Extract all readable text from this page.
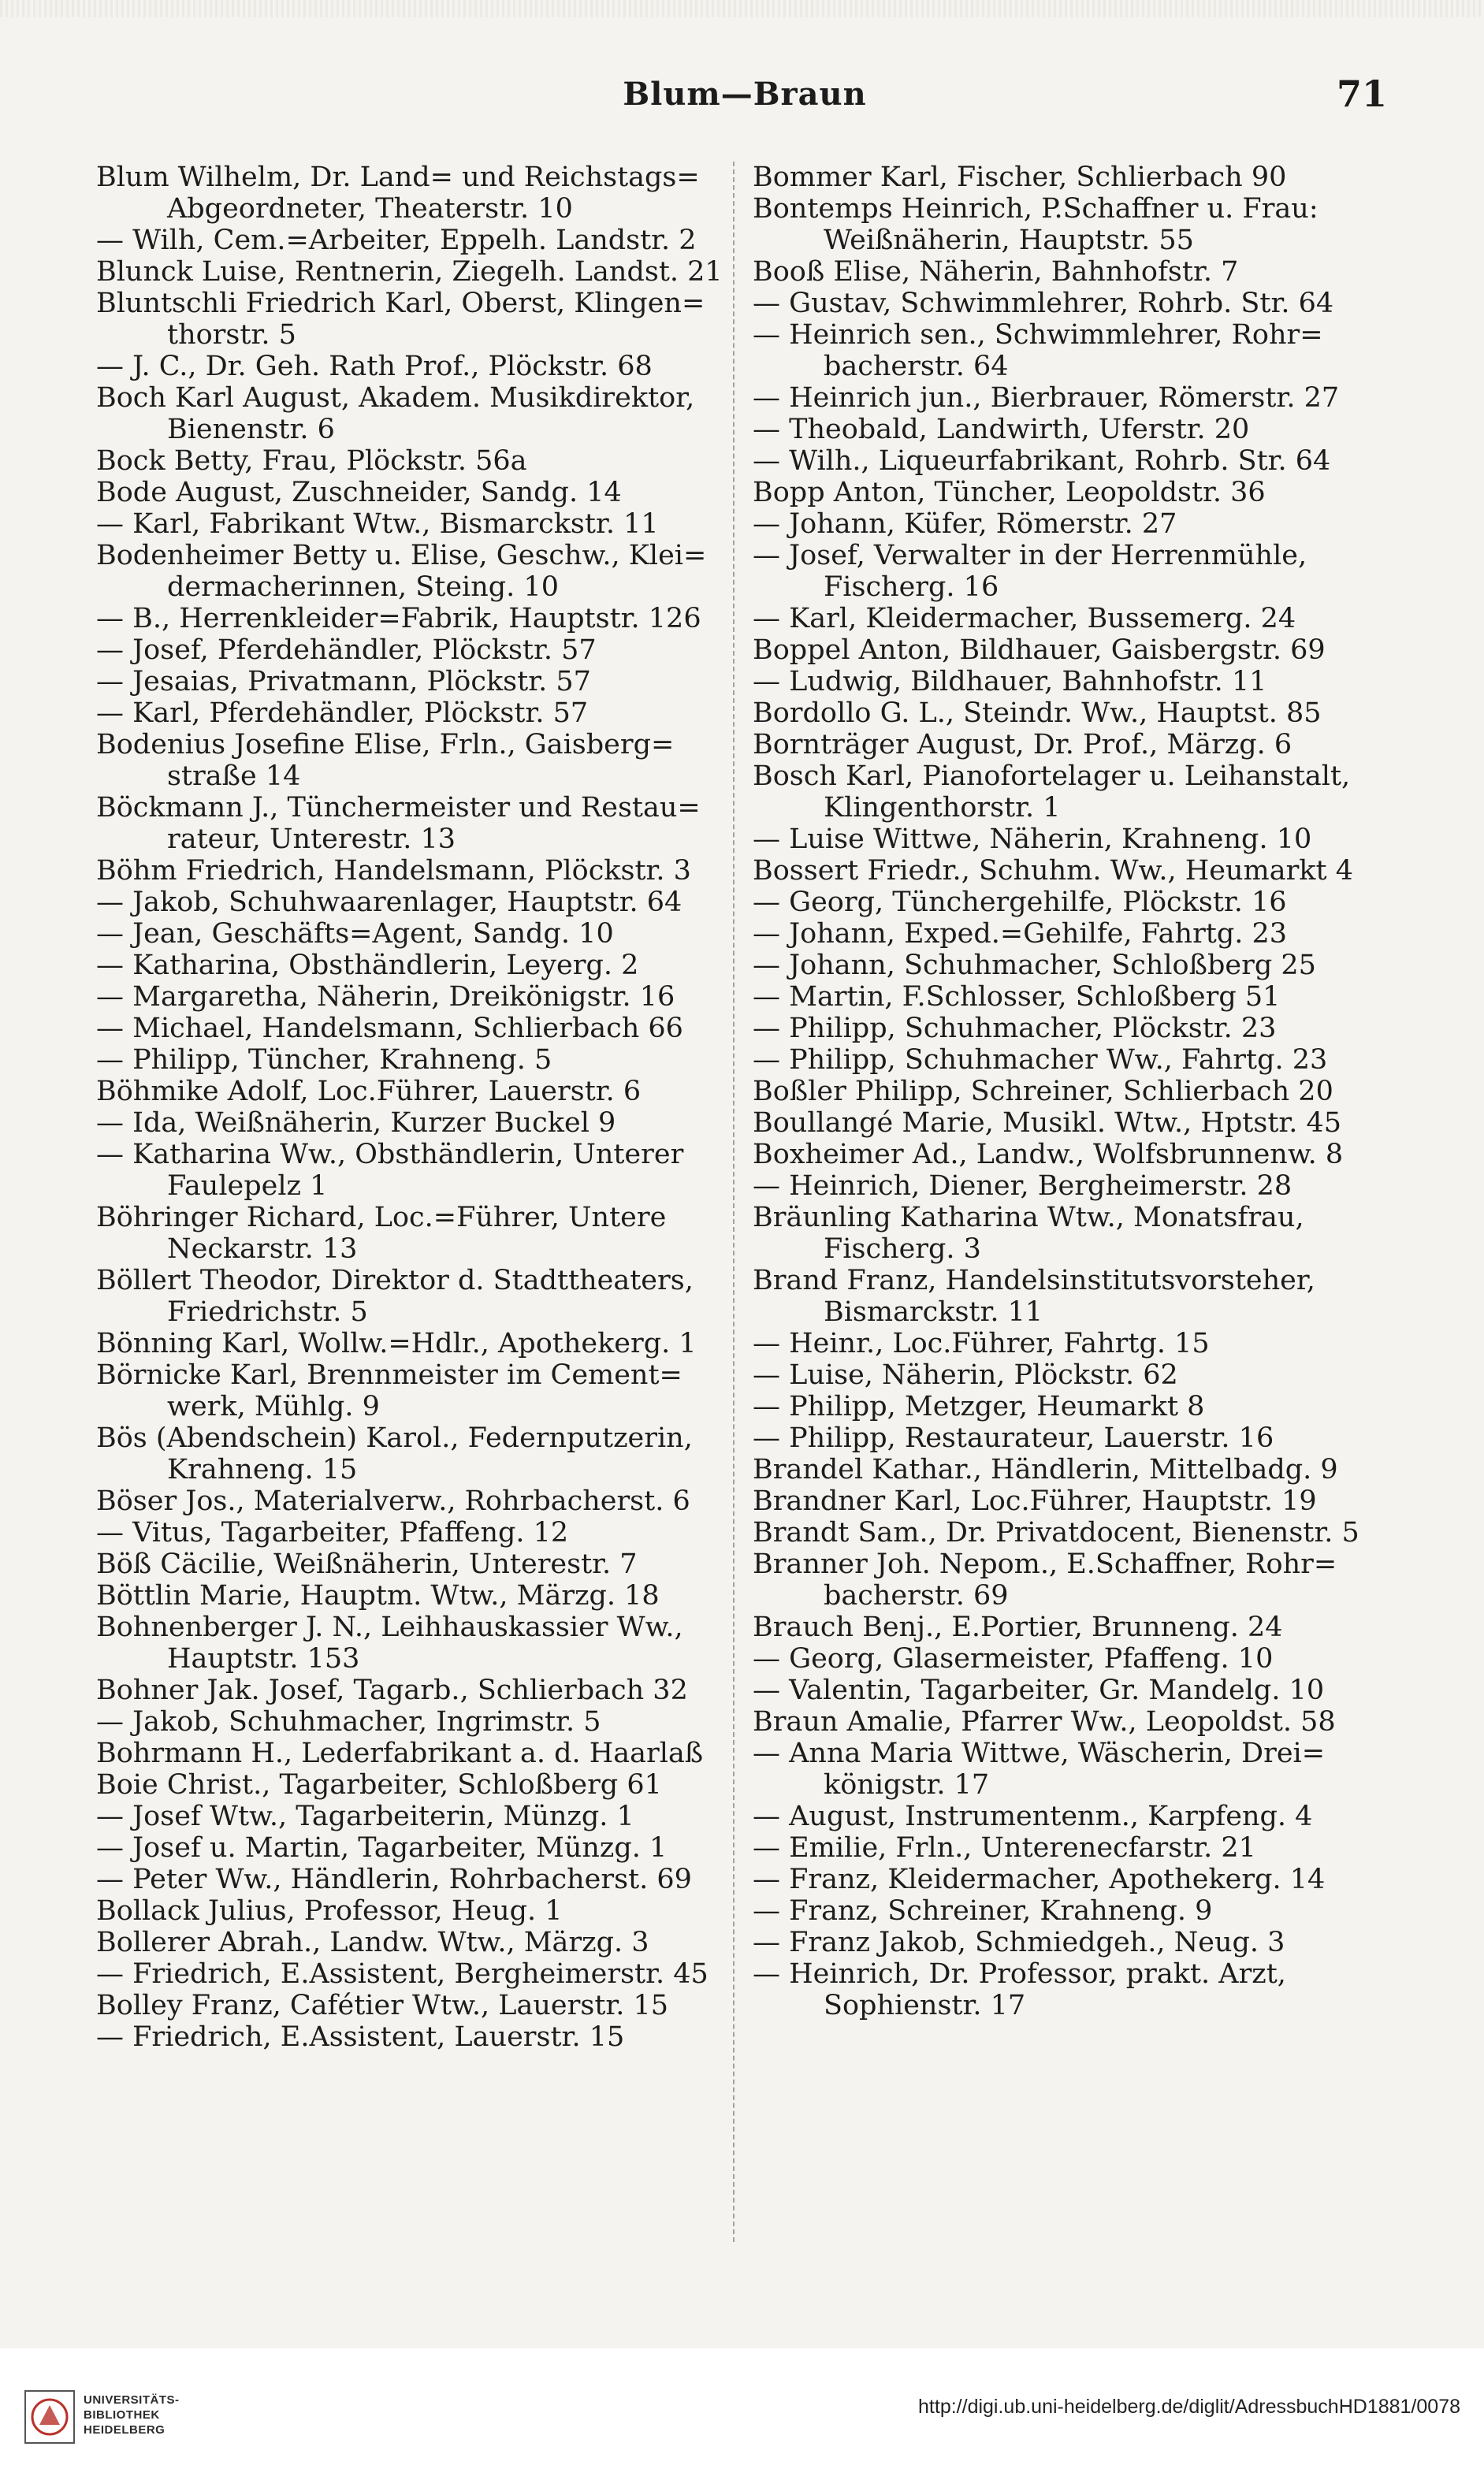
Blum—Braun	71

Blum Wilhelm, Dr. Land= und Reichstags=
Abgeordneter, Theaterstr. 10

— Wilh, Cem.=Arbeiter, Eppelh. Landstr. 2

Blunck Luise, Rentnerin, Ziegelh. Landst. 21

Bluntschli Friedrich Karl, Oberst, Klingen=
thorstr. 5

— J. C., Dr. Geh. Rath Prof., Plöckstr. 68

Boch Karl August, Akadem. Musikdirektor,
Bienenstr. 6

Bock Betty, Frau, Plöckstr. 56a

Bode August, Zuschneider, Sandg. 14

— Karl, Fabrikant Wtw., Bismarckstr. 11

Bodenheimer Betty u. Elise, Geschw., Klei=
dermacherinnen, Steing. 10

— B., Herrenkleider=Fabrik, Hauptstr. 126

— Josef, Pferdehändler, Plöckstr. 57

— Jesaias, Privatmann, Plöckstr. 57

— Karl, Pferdehändler, Plöckstr. 57

Bodenius Josefine Elise, Frln., Gaisberg=
straße 14

Böckmann J., Tünchermeister und Restau=
rateur, Unterestr. 13

Böhm Friedrich, Handelsmann, Plöckstr. 3

— Jakob, Schuhwaarenlager, Hauptstr. 64

— Jean, Geschäfts=Agent, Sandg. 10

— Katharina, Obsthändlerin, Leyerg. 2

— Margaretha, Näherin, Dreikönigstr. 16

— Michael, Handelsmann, Schlierbach 66

— Philipp, Tüncher, Krahneng. 5

Böhmike Adolf, Loc.Führer, Lauerstr. 6

— Ida, Weißnäherin, Kurzer Buckel 9

— Katharina Ww., Obsthändlerin, Unterer
Faulepelz 1

Böhringer Richard, Loc.=Führer, Untere
Neckarstr. 13

Böllert Theodor, Direktor d. Stadttheaters,
Friedrichstr. 5

Bönning Karl, Wollw.=Hdlr., Apothekerg. 1

Börnicke Karl, Brennmeister im Cement=
werk, Mühlg. 9

Bös (Abendschein) Karol., Federnputzerin,
Krahneng. 15

Böser Jos., Materialverw., Rohrbacherst. 6

— Vitus, Tagarbeiter, Pfaffeng. 12

Böß Cäcilie, Weißnäherin, Unterestr. 7

Böttlin Marie, Hauptm. Wtw., Märzg. 18

Bohnenberger J. N., Leihhauskassier Ww.,
Hauptstr. 153

Bohner Jak. Josef, Tagarb., Schlierbach 32

— Jakob, Schuhmacher, Ingrimstr. 5

Bohrmann H., Lederfabrikant a. d. Haarlaß

Boie Christ., Tagarbeiter, Schloßberg 61

— Josef Wtw., Tagarbeiterin, Münzg. 1

— Josef u. Martin, Tagarbeiter, Münzg. 1

— Peter Ww., Händlerin, Rohrbacherst. 69

Bollack Julius, Professor, Heug. 1

Bollerer Abrah., Landw. Wtw., Märzg. 3

— Friedrich, E.Assistent, Bergheimerstr. 45

Bolley Franz, Cafétier Wtw., Lauerstr. 15

— Friedrich, E.Assistent, Lauerstr. 15

Bommer Karl, Fischer, Schlierbach 90

Bontemps Heinrich, P.Schaffner u. Frau:
Weißnäherin, Hauptstr. 55

Booß Elise, Näherin, Bahnhofstr. 7

— Gustav, Schwimmlehrer, Rohrb. Str. 64

— Heinrich sen., Schwimmlehrer, Rohr=
bacherstr. 64

— Heinrich jun., Bierbrauer, Römerstr. 27

— Theobald, Landwirth, Uferstr. 20

— Wilh., Liqueurfabrikant, Rohrb. Str. 64

Bopp Anton, Tüncher, Leopoldstr. 36

— Johann, Küfer, Römerstr. 27

— Josef, Verwalter in der Herrenmühle,
Fischerg. 16

— Karl, Kleidermacher, Bussemerg. 24

Boppel Anton, Bildhauer, Gaisbergstr. 69

— Ludwig, Bildhauer, Bahnhofstr. 11

Bordollo G. L., Steindr. Ww., Hauptst. 85

Bornträger August, Dr. Prof., Märzg. 6

Bosch Karl, Pianofortelager u. Leihanstalt,
Klingenthorstr. 1

— Luise Wittwe, Näherin, Krahneng. 10

Bossert Friedr., Schuhm. Ww., Heumarkt 4

— Georg, Tünchergehilfe, Plöckstr. 16

— Johann, Exped.=Gehilfe, Fahrtg. 23

— Johann, Schuhmacher, Schloßberg 25

— Martin, F.Schlosser, Schloßberg 51

— Philipp, Schuhmacher, Plöckstr. 23

— Philipp, Schuhmacher Ww., Fahrtg. 23

Boßler Philipp, Schreiner, Schlierbach 20

Boullangé Marie, Musikl. Wtw., Hptstr. 45

Boxheimer Ad., Landw., Wolfsbrunnenw. 8

— Heinrich, Diener, Bergheimerstr. 28

Bräunling Katharina Wtw., Monatsfrau,
Fischerg. 3

Brand Franz, Handelsinstitutsvorsteher,
Bismarckstr. 11

— Heinr., Loc.Führer, Fahrtg. 15

— Luise, Näherin, Plöckstr. 62

— Philipp, Metzger, Heumarkt 8

— Philipp, Restaurateur, Lauerstr. 16

Brandel Kathar., Händlerin, Mittelbadg. 9

Brandner Karl, Loc.Führer, Hauptstr. 19

Brandt Sam., Dr. Privatdocent, Bienenstr. 5

Branner Joh. Nepom., E.Schaffner, Rohr=
bacherstr. 69

Brauch Benj., E.Portier, Brunneng. 24

— Georg, Glasermeister, Pfaffeng. 10

— Valentin, Tagarbeiter, Gr. Mandelg. 10

Braun Amalie, Pfarrer Ww., Leopoldst. 58

— Anna Maria Wittwe, Wäscherin, Drei=
königstr. 17

— August, Instrumentenm., Karpfeng. 4

— Emilie, Frln., Unterenecfarstr. 21

— Franz, Kleidermacher, Apothekerg. 14

— Franz, Schreiner, Krahneng. 9

— Franz Jakob, Schmiedgeh., Neug. 3

— Heinrich, Dr. Professor, prakt. Arzt,
Sophienstr. 17

UNIVERSITÄTS-
BIBLIOTHEK
HEIDELBERG
http://digi.ub.uni-heidelberg.de/diglit/AdressbuchHD1881/0078
